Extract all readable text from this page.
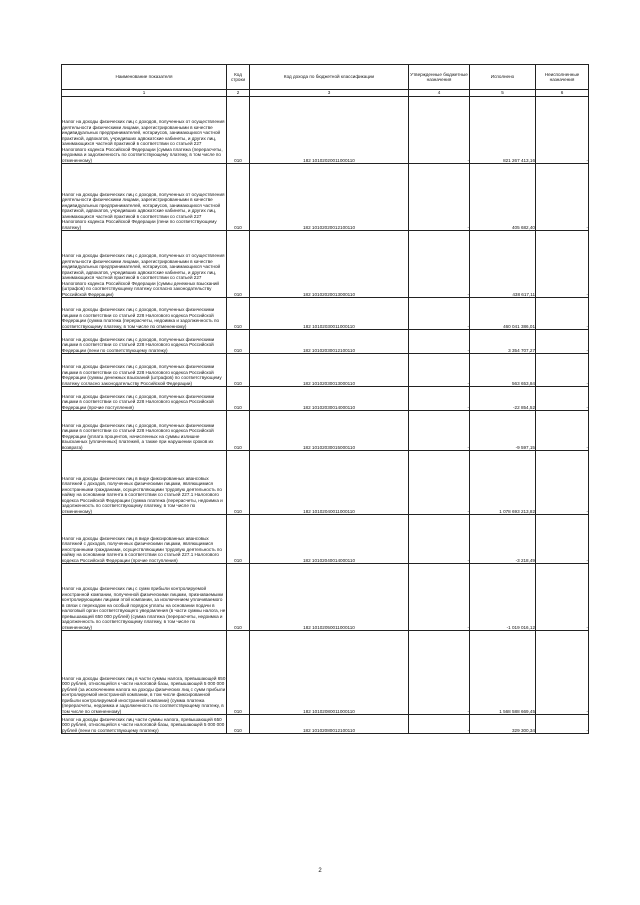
Наименование показателя	Код строки	Код дохода по бюджетной классификации	Утвержденные бюджетные назначения	Исполнено	Неисполненные назначения
1	2	3	4	5	6
Налог на доходы физических лиц с доходов, полученных от осуществления деятельности физическими лицами, зарегистрированными в качестве индивидуальных предпринимателей, нотариусов, занимающихся частной практикой, адвокатов, учредивших адвокатские кабинеты, и других лиц, занимающихся частной практикой в соответствии со статьей 227 Налогового кодекса Российской Федерации (сумма платежа (перерасчеты, недоимка и задолженность по соответствующему платежу, в том числе по отмененному)	010	182 10102020011000110	-	821 267 413,16	-
Налог на доходы физических лиц с доходов, полученных от осуществления деятельности физическими лицами, зарегистрированными в качестве индивидуальных предпринимателей, нотариусов, занимающихся частной практикой, адвокатов, учредивших адвокатские кабинеты, и других лиц, занимающихся частной практикой в соответствии со статьей 227 Налогового кодекса Российской Федерации (пени по соответствующему платежу)	010	182 10102020012100110	-	405 682,40	-
Налог на доходы физических лиц с доходов, полученных от осуществления деятельности физическими лицами, зарегистрированными в качестве индивидуальных предпринимателей, нотариусов, занимающихся частной практикой, адвокатов, учредивших адвокатские кабинеты, и других лиц, занимающихся частной практикой в соответствии со статьей 227 Налогового кодекса Российской Федерации (суммы денежных взысканий (штрафов) по соответствующему платежу согласно законодательству Российской Федерации)	010	182 10102020013000110	-	438 617,11	-
Налог на доходы физических лиц с доходов, полученных физическими лицами в соответствии со статьей 228 Налогового кодекса Российской Федерации (сумма платежа (перерасчеты, недоимка и задолженность по соответствующему платежу, в том числе по отмененному)	010	182 10102030011000110	-	460 041 386,01	-
Налог на доходы физических лиц с доходов, полученных физическими лицами в соответствии со статьей 228 Налогового кодекса Российской Федерации (пени по соответствующему платежу)	010	182 10102030012100110	-	3 354 707,27	-
Налог на доходы физических лиц с доходов, полученных физическими лицами в соответствии со статьей 228 Налогового кодекса Российской Федерации (суммы денежных взысканий (штрафов) по соответствующему платежу согласно законодательству Российской Федерации)	010	182 10102030013000110	-	563 653,84	-
Налог на доходы физических лиц с доходов, полученных физическими лицами в соответствии со статьей 228 Налогового кодекса Российской Федерации (прочие поступления)	010	182 10102030014000110	-	-22 854,52	-
Налог на доходы физических лиц с доходов, полученных физическими лицами в соответствии со статьей 228 Налогового кодекса Российской Федерации (уплата процентов, начисленных на суммы излишне взысканных (уплаченных) платежей, а также при нарушении сроков их возврата)	010	182 10102030015000110	-	-9 597,15	-
Налог на доходы физических лиц в виде фиксированных авансовых платежей с доходов, полученных физическими лицами, являющимися иностранными гражданами, осуществляющими трудовую деятельность по найму на основании патента в соответствии со статьей 227.1 Налогового кодекса Российской Федерации (сумма платежа (перерасчеты, недоимка и задолженность по соответствующему платежу, в том числе по отмененному)	010	182 10102040011000110	-	1 078 693 213,82	-
Налог на доходы физических лиц в виде фиксированных авансовых платежей с доходов, полученных физическими лицами, являющимися иностранными гражданами, осуществляющими трудовую деятельность по найму на основании патента в соответствии со статьей 227.1 Налогового кодекса Российской Федерации (прочие поступления)	010	182 10102040014000110	-	-3 218,49	-
Налог на доходы физических лиц с сумм прибыли контролируемой иностранной компании, полученной физическими лицами, признаваемыми контролирующими лицами этой компании, за исключением уплачиваемого в связи с переходом на особый порядок уплаты на основании подачи в налоговый орган соответствующего уведомления (в части суммы налога, не превышающей 650 000 рублей) (сумма платежа (перерасчеты, недоимка и задолженность по соответствующему платежу, в том числе по отмененному)	010	182 10102050011000110	-	-1 019 016,12	-
Налог на доходы физических лиц в части суммы налога, превышающей 650 000 рублей, относящейся к части налоговой базы, превышающей 5 000 000 рублей (за исключением налога на доходы физических лиц с сумм прибыли контролируемой иностранной компании, в том числе фиксированной прибыли контролируемой иностранной компании) (сумма платежа (перерасчеты, недоимка и задолженность по соответствующему платежу, в том числе по отмененному)	010	182 10102080011000110	-	1 568 588 669,45	-
Налог на доходы физических лиц части суммы налога, превышающей 650 000 рублей, относящейся к части налоговой базы, превышающей 5 000 000 рублей (пени по соответствующему платежу)	010	182 10102080012100110	-	329 300,34	-
2
